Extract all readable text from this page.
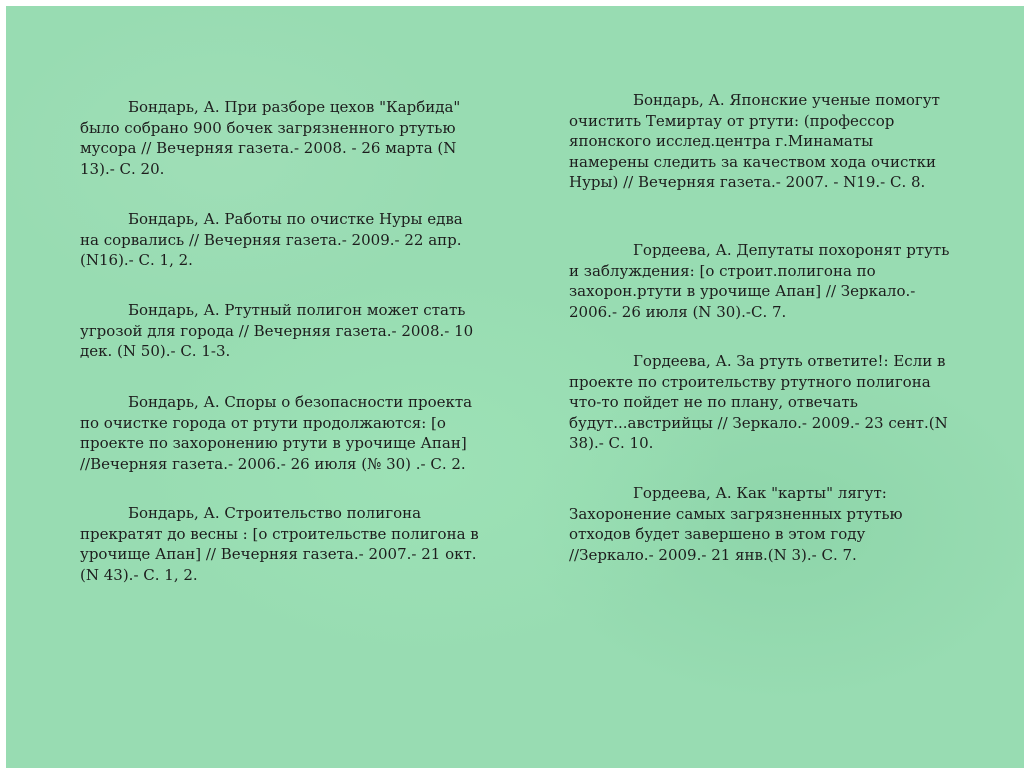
Бондарь, А. При разборе цехов "Карбида"
было собрано 900 бочек загрязненного ртутью
мусора // Вечерняя газета.- 2008. - 26 марта (N
13).- С. 20.

Бондарь, А. Работы по очистке Нуры едва
на сорвались // Вечерняя газета.- 2009.- 22 апр.
(N16).- С. 1, 2.

Бондарь, А. Ртутный полигон может стать
угрозой для города // Вечерняя газета.- 2008.- 10
дек. (N 50).- С. 1-3.

Бондарь, А. Споры о безопасности проекта
по очистке города от ртути продолжаются: [о
проекте по захоронению ртути в урочище Апан]
//Вечерняя газета.- 2006.- 26 июля (№ 30) .- С. 2.

Бондарь, А. Строительство полигона
прекратят до весны : [о строительстве полигона в
урочище Апан] // Вечерняя газета.- 2007.- 21 окт.
(N 43).- С. 1, 2.

Бондарь, А. Японские ученые помогут
очистить Темиртау от ртути: (профессор
японского исслед.центра г.Минаматы
намерены следить за качеством хода очистки
Нуры) // Вечерняя газета.- 2007. - N19.- С. 8.

Гордеева, А. Депутаты похоронят ртуть
и заблуждения: [о строит.полигона по
захорон.ртути в урочище Апан] // Зеркало.-
2006.- 26 июля (N 30).-С. 7.

Гордеева, А. За ртуть ответите!: Если в
проекте по строительству ртутного полигона
что-то пойдет не по плану, отвечать
будут...австрийцы // Зеркало.- 2009.- 23 сент.(N
38).- С. 10.

Гордеева, А. Как "карты" лягут:
Захоронение самых загрязненных ртутью
отходов будет завершено в этом году
//Зеркало.- 2009.- 21 янв.(N 3).- С. 7.
